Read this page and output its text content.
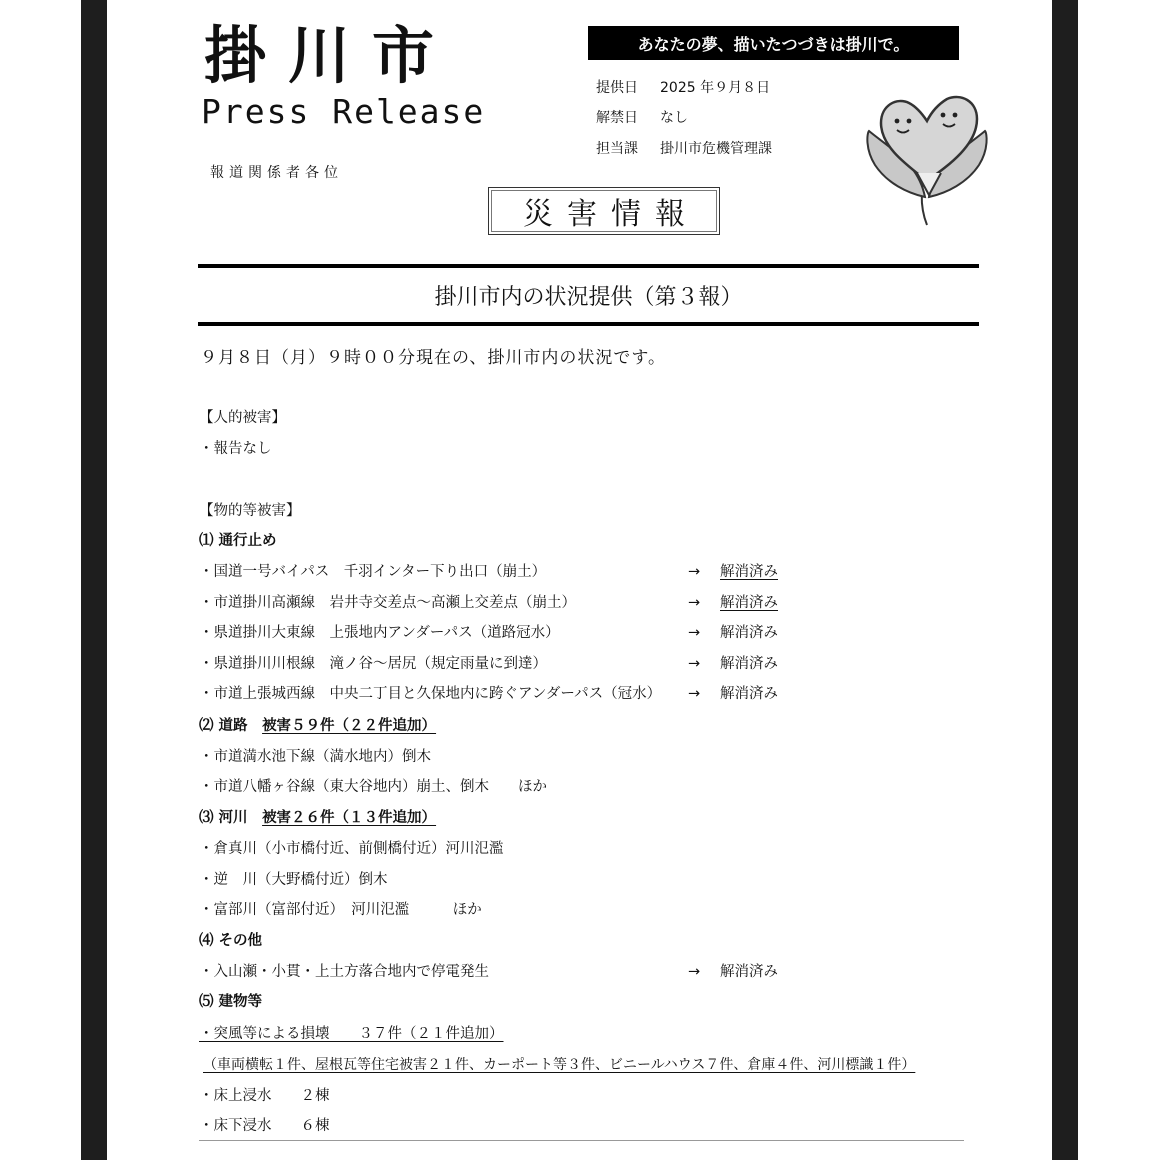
掛川市
Press Release
報道関係者各位
あなたの夢、描いたつづきは掛川で。
提供日 2025 年９月８日
解禁日 なし
担当課 掛川市危機管理課
災害情報
掛川市内の状況提供（第３報）
９月８日（月）９時００分現在の、掛川市内の状況です。
【人的被害】
・報告なし
【物的等被害】
⑴ 通行止め
・国道一号バイパス　千羽インター下り出口（崩土）	→ 解消済み
・市道掛川高瀬線　岩井寺交差点～高瀬上交差点（崩土）	→ 解消済み
・県道掛川大東線　上張地内アンダーパス（道路冠水）	→ 解消済み
・県道掛川川根線　滝ノ谷～居尻（規定雨量に到達）	→ 解消済み
・市道上張城西線　中央二丁目と久保地内に跨ぐアンダーパス（冠水） → 解消済み
⑵ 道路　 被害５９件（２２件追加）
・市道満水池下線（満水地内）倒木
・市道八幡ヶ谷線（東大谷地内）崩土、倒木　　ほか
⑶ 河川　 被害２６件（１３件追加）
・倉真川（小市橋付近、前側橋付近）河川氾濫
・逆　川（大野橋付近）倒木
・富部川（富部付近）　河川氾濫　　　ほか
⑷ その他
・入山瀬・小貫・上土方落合地内で停電発生	→ 解消済み
⑸ 建物等
・突風等による損壊　　３７件（２１件追加）
（車両横転１件、屋根瓦等住宅被害２１件、カーポート等３件、ビニールハウス７件、倉庫４件、河川標識１件）
・床上浸水　　２棟
・床下浸水　　６棟
